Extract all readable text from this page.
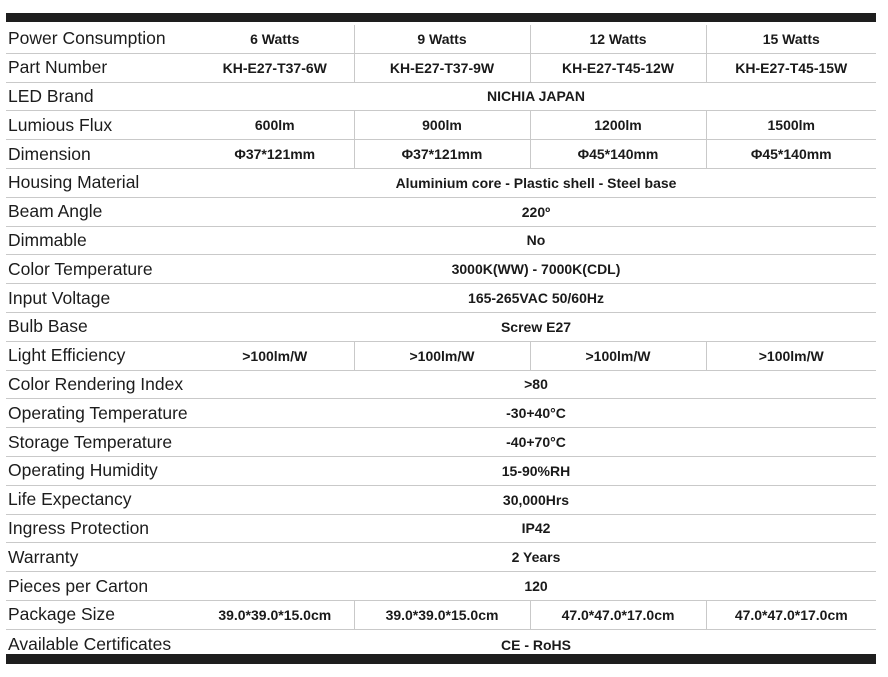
Power Consumption	6 Watts	9 Watts	12 Watts	15 Watts
Part Number	KH-E27-T37-6W	KH-E27-T37-9W	KH-E27-T45-12W	KH-E27-T45-15W
LED Brand	NICHIA JAPAN			
Lumious Flux	600lm	900lm	1200lm	1500lm
Dimension	Φ37*121mm	Φ37*121mm	Φ45*140mm	Φ45*140mm
Housing Material	Aluminium core - Plastic shell - Steel base			
Beam Angle	220º			
Dimmable	No			
Color Temperature	3000K(WW) - 7000K(CDL)			
Input Voltage	165-265VAC 50/60Hz			
Bulb Base	Screw E27			
Light Efficiency	>100lm/W	>100lm/W	>100lm/W	>100lm/W
Color Rendering Index	>80			
Operating Temperature	-30+40°C			
Storage Temperature	-40+70°C			
Operating Humidity	15-90%RH			
Life Expectancy	30,000Hrs			
Ingress Protection	IP42			
Warranty	2 Years			
Pieces per Carton	120			
Package Size	39.0*39.0*15.0cm	39.0*39.0*15.0cm	47.0*47.0*17.0cm	47.0*47.0*17.0cm
Available Certificates	CE - RoHS			
